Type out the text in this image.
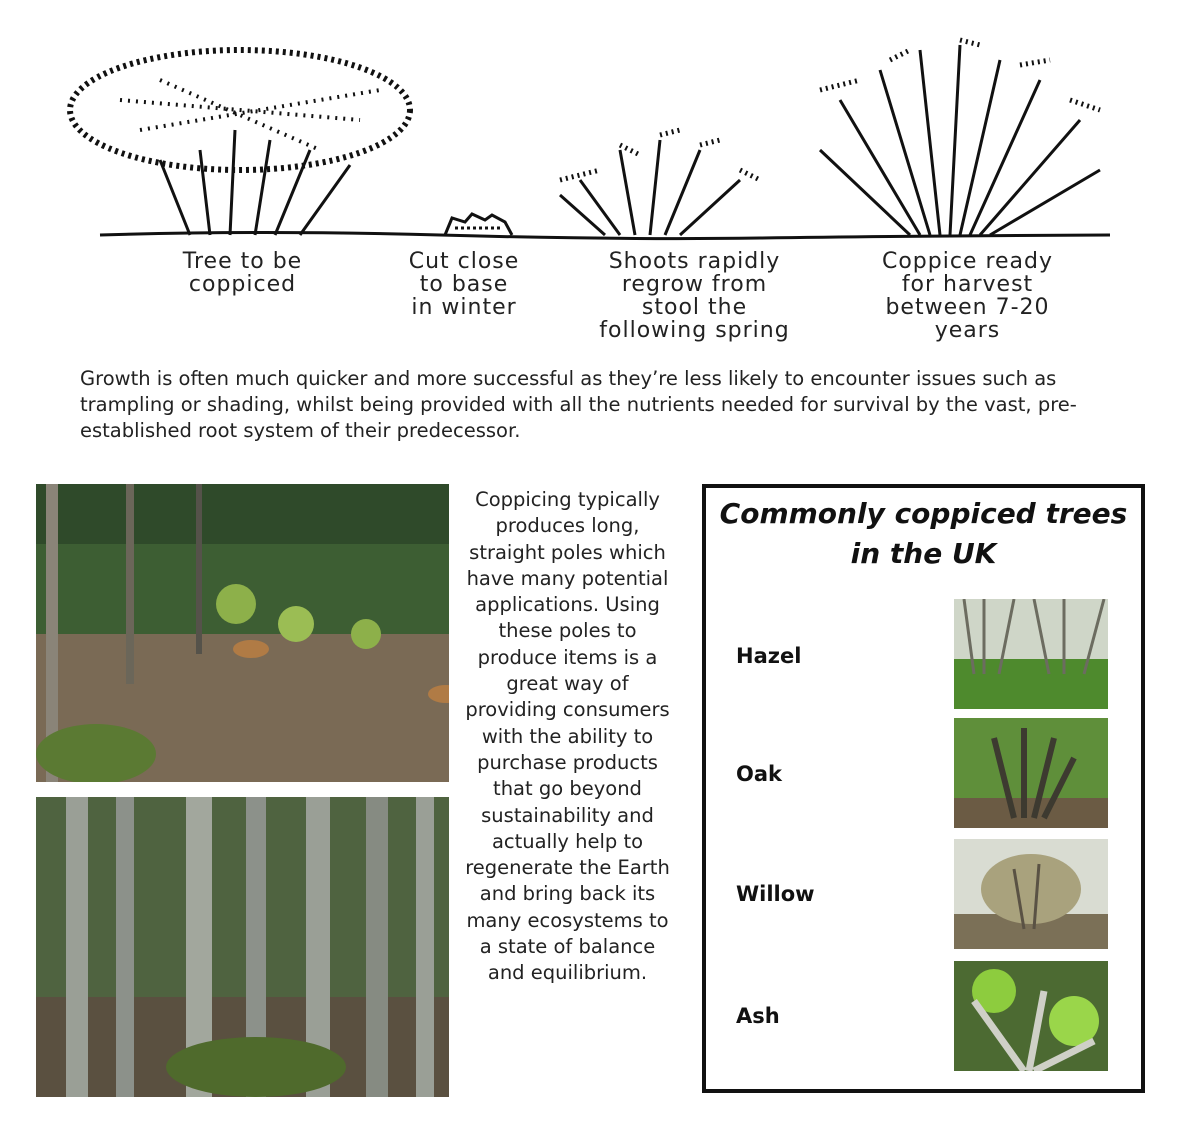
Tree to be
coppiced
Cut close
to base
in winter
Shoots rapidly
regrow from
stool the
following spring
Coppice ready
for harvest
between 7-20
years

Growth is often much quicker and more successful as they’re less likely to encounter issues such as trampling or shading, whilst being provided with all the nutrients needed for survival by the vast, pre-established root system of their predecessor.

Coppicing typically produces long, straight poles which have many potential applications. Using these poles to produce items is a great way of providing consumers with the ability to purchase products that go beyond sustainability and actually help to regenerate the Earth and bring back its many ecosystems to a state of balance and equilibrium.

Commonly coppiced trees in the UK
Hazel
Oak
Willow
Ash
